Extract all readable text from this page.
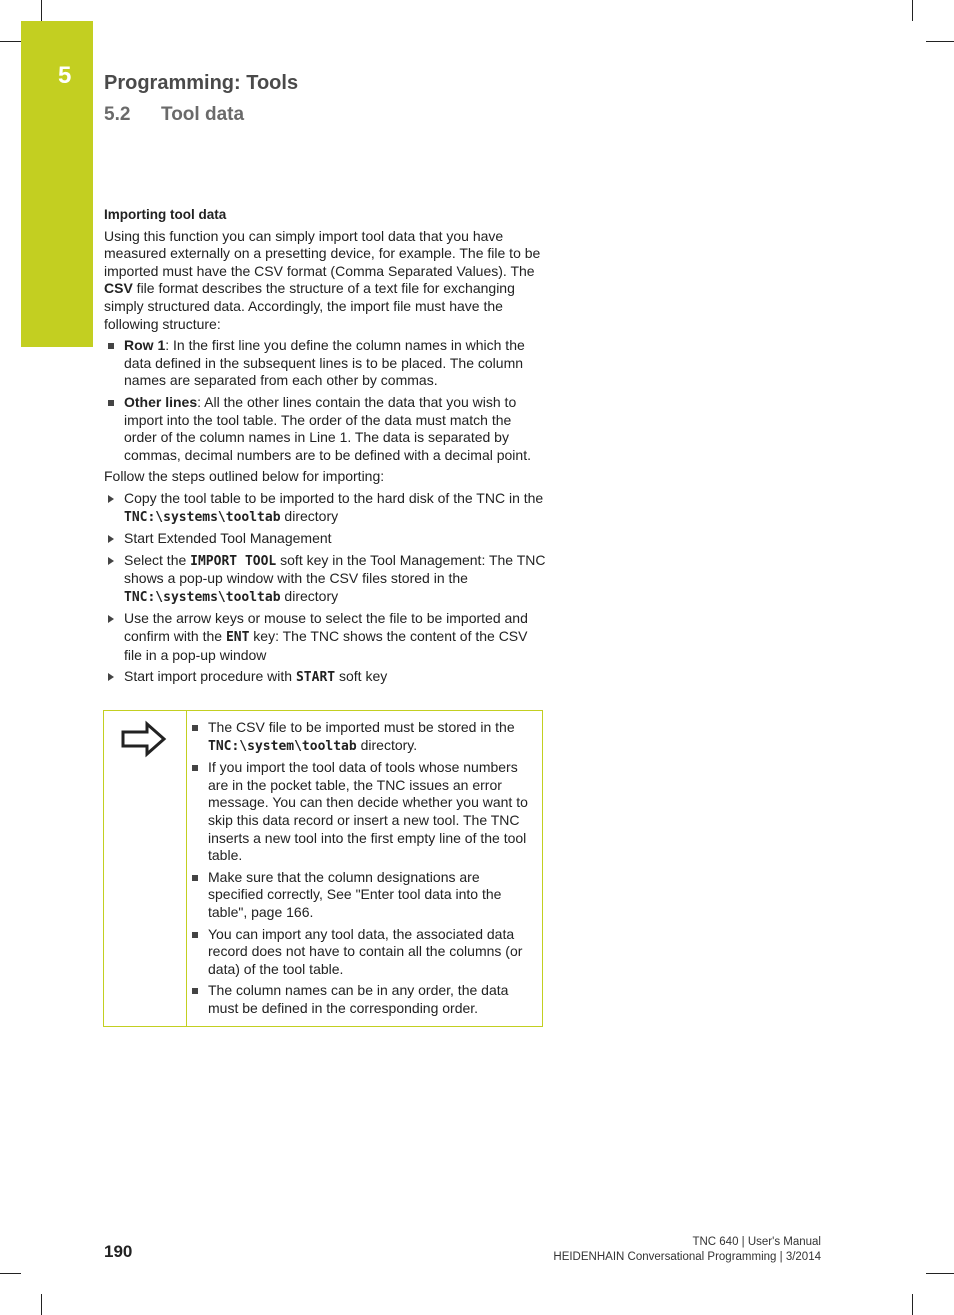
5 Programming: Tools
5.2 Tool data
Importing tool data

Using this function you can simply import tool data that you have measured externally on a presetting device, for example. The file to be imported must have the CSV format (Comma Separated Values). The CSV file format describes the structure of a text file for exchanging simply structured data. Accordingly, the import file must have the following structure:

Row 1: In the first line you define the column names in which the data defined in the subsequent lines is to be placed. The column names are separated from each other by commas.
Other lines: All the other lines contain the data that you wish to import into the tool table. The order of the data must match the order of the column names in Line 1. The data is separated by commas, decimal numbers are to be defined with a decimal point.

Follow the steps outlined below for importing:

Copy the tool table to be imported to the hard disk of the TNC in the TNC:\systems\tooltab directory
Start Extended Tool Management
Select the IMPORT TOOL soft key in the Tool Management: The TNC shows a pop-up window with the CSV files stored in the TNC:\systems\tooltab directory
Use the arrow keys or mouse to select the file to be imported and confirm with the ENT key: The TNC shows the content of the CSV file in a pop-up window
Start import procedure with START soft key
The CSV file to be imported must be stored in the TNC:\system\tooltab directory.
If you import the tool data of tools whose numbers are in the pocket table, the TNC issues an error message. You can then decide whether you want to skip this data record or insert a new tool. The TNC inserts a new tool into the first empty line of the tool table.
Make sure that the column designations are specified correctly, See "Enter tool data into the table", page 166.
You can import any tool data, the associated data record does not have to contain all the columns (or data) of the tool table.
The column names can be in any order, the data must be defined in the corresponding order.
190	TNC 640 | User's Manual
HEIDENHAIN Conversational Programming | 3/2014
